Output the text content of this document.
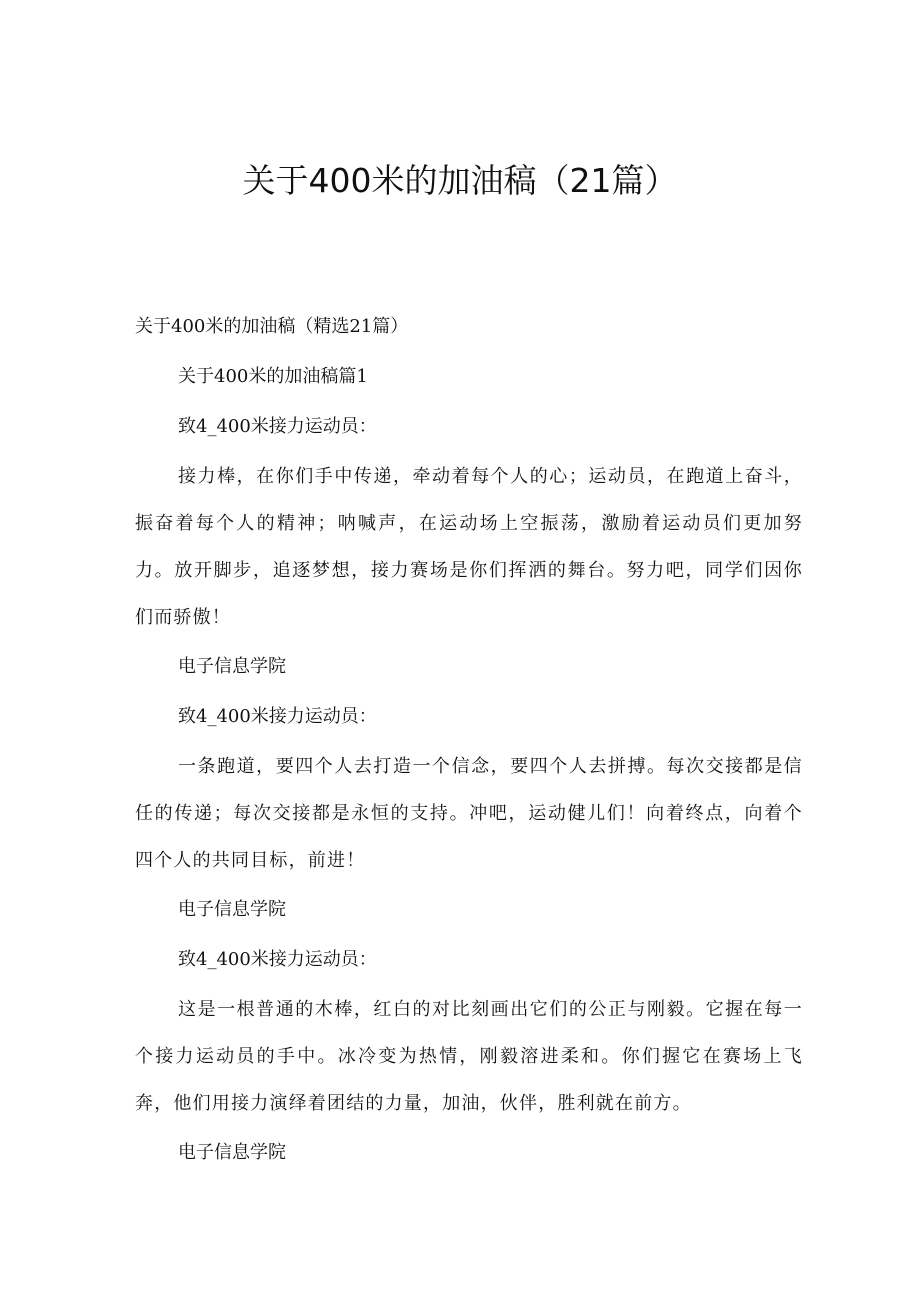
关于400米的加油稿（21篇）

关于400米的加油稿（精选21篇）

关于400米的加油稿篇1

致4_400米接力运动员：

接力棒，在你们手中传递，牵动着每个人的心；运动员，在跑道上奋斗，振奋着每个人的精神；呐喊声，在运动场上空振荡，激励着运动员们更加努力。放开脚步，追逐梦想，接力赛场是你们挥洒的舞台。努力吧，同学们因你们而骄傲！

电子信息学院

致4_400米接力运动员：

一条跑道，要四个人去打造一个信念，要四个人去拼搏。每次交接都是信任的传递；每次交接都是永恒的支持。冲吧，运动健儿们！向着终点，向着个四个人的共同目标，前进！

电子信息学院

致4_400米接力运动员：

这是一根普通的木棒，红白的对比刻画出它们的公正与刚毅。它握在每一个接力运动员的手中。冰冷变为热情，刚毅溶进柔和。你们握它在赛场上飞奔，他们用接力演绎着团结的力量，加油，伙伴，胜利就在前方。

电子信息学院
